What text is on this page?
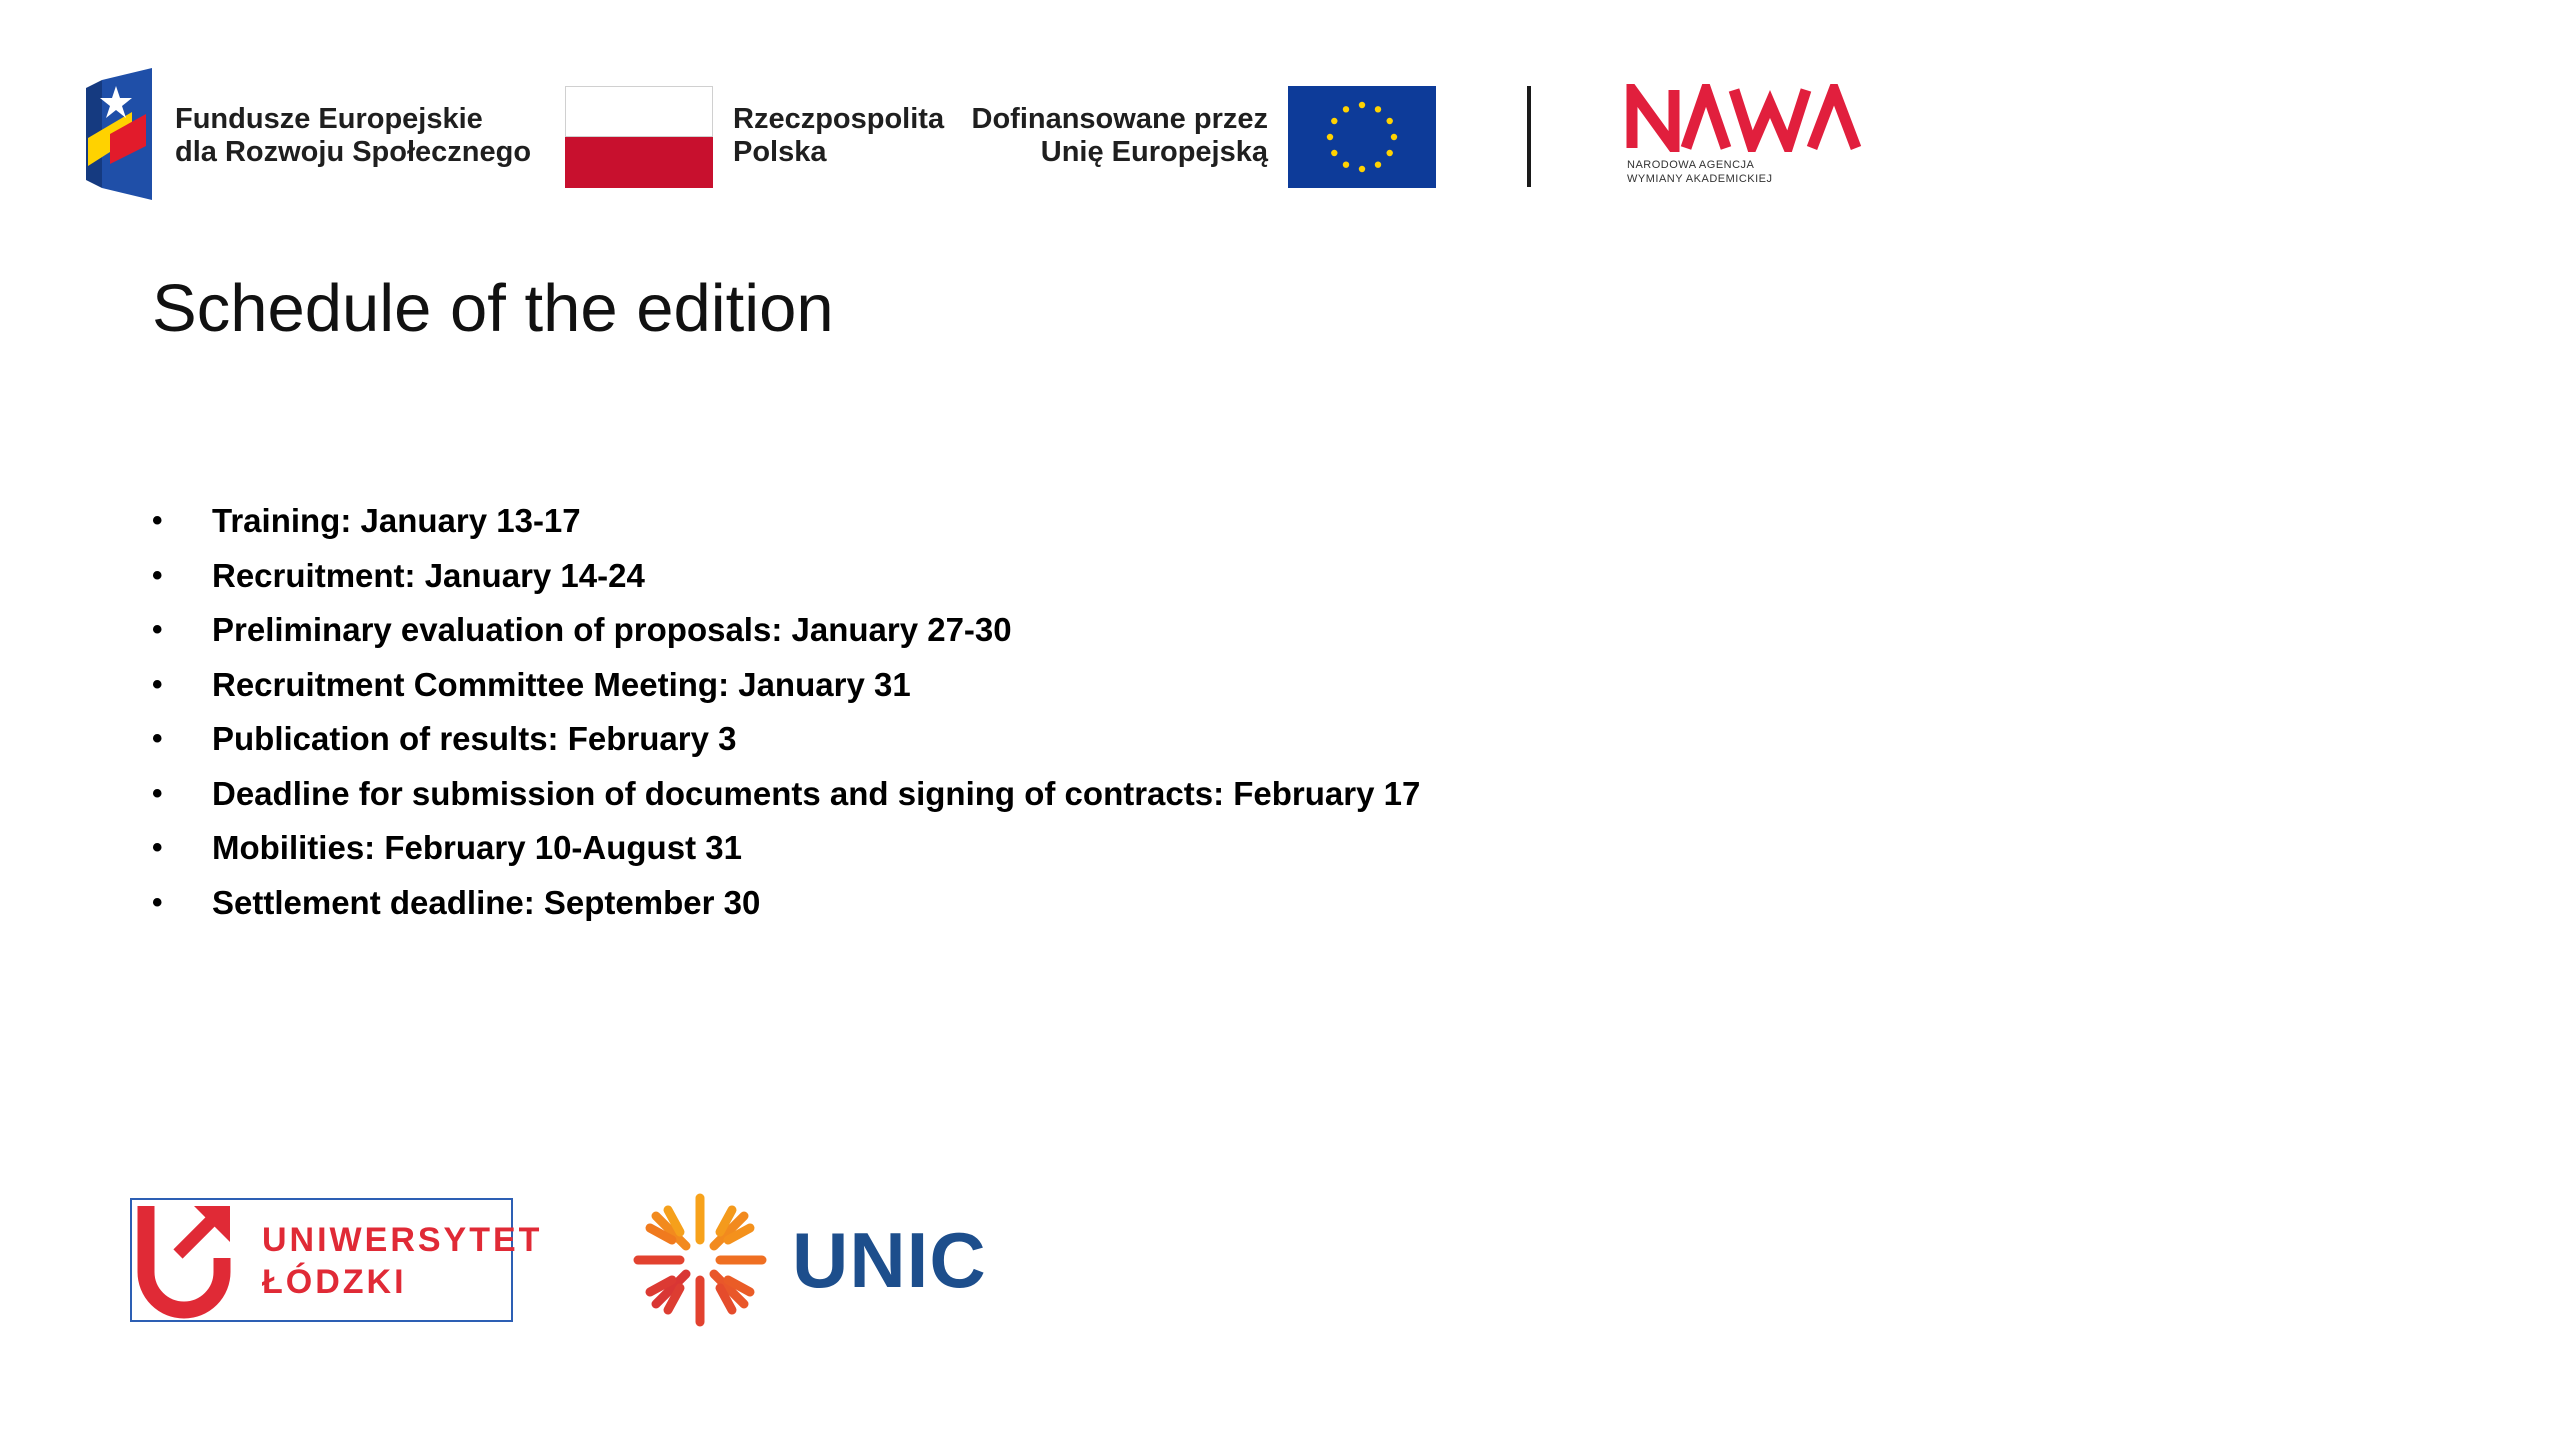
Fundusze Europejskie
dla Rozwoju Społecznego
Rzeczpospolita
Polska
Dofinansowane przez
Unię Europejską	NARODOWA AGENCJA
WYMIANY AKADEMICKIEJ
Schedule of the edition
•	Training: January 13-17
•	Recruitment: January 14-24
•	Preliminary evaluation of proposals: January 27-30
•	Recruitment Committee Meeting: January 31
•	Publication of results: February 3
•	Deadline for submission of documents and signing of contracts: February 17
•	Mobilities: February 10-August 31
•	Settlement deadline: September 30
UNIWERSYTET
ŁÓDZKI	UNIC
